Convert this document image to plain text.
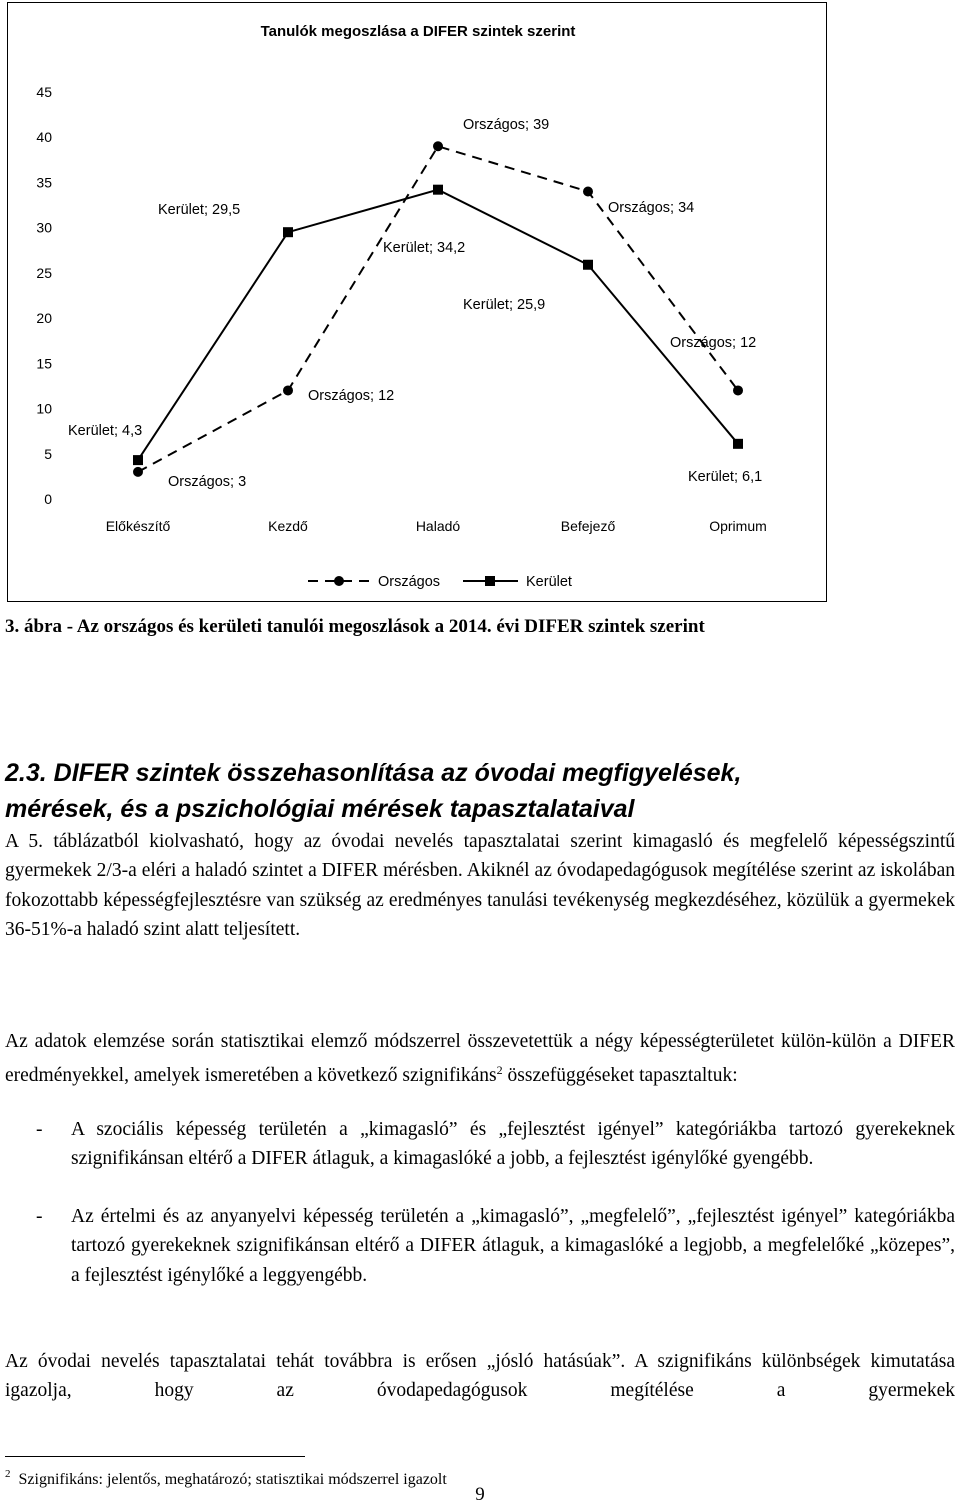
Tanulók megoszlása a DIFER szintek szerint
0
5
10
15
20
25
30
35
40
45
Előkészítő	Kezdő	Haladó	Befejező	Oprimum
Kerület; 4,3
Országos; 3
Kerület; 29,5
Országos; 12
Kerület; 34,2
Országos; 39
Kerület; 25,9
Országos; 34
Kerület; 6,1
Országos; 12
Országos	Kerület
3. ábra - Az országos és kerületi tanulói megoszlások a 2014. évi DIFER szintek szerint
2.3. DIFER szintek összehasonlítása az óvodai megfigyelések,
mérések, és a pszichológiai mérések tapasztalataival

A 5. táblázatból kiolvasható, hogy az óvodai nevelés tapasztalatai szerint kimagasló és megfelelő képességszintű gyermekek 2/3-a eléri a haladó szintet a DIFER mérésben. Akiknél az óvodapedagógusok megítélése szerint az iskolában fokozottabb képességfejlesztésre van szükség az eredményes tanulási tevékenység megkezdéséhez, közülük a gyermekek 36-51%-a haladó szint alatt teljesített.

Az adatok elemzése során statisztikai elemző módszerrel összevetettük a négy képességterületet külön-külön a DIFER eredményekkel, amelyek ismeretében a következő szignifikáns$^2$ összefüggéseket tapasztaltuk:

- A szociális képesség területén a „kimagasló” és „fejlesztést igényel” kategóriákba tartozó gyerekeknek szignifikánsan eltérő a DIFER átlaguk, a kimagaslóké a jobb, a fejlesztést igénylőké gyengébb.

- Az értelmi és az anyanyelvi képesség területén a „kimagasló”, „megfelelő”, „fejlesztést igényel” kategóriákba tartozó gyerekeknek szignifikánsan eltérő a DIFER átlaguk, a kimagaslóké a legjobb, a megfelelőké „közepes”, a fejlesztést igénylőké a leggyengébb.

Az óvodai nevelés tapasztalatai tehát továbbra is erősen „jósló hatásúak”. A szignifikáns különbségek kimutatása igazolja, hogy az óvodapedagógusok megítélése a gyermekek

$^2$ Szignifikáns: jelentős, meghatározó; statisztikai módszerrel igazolt
9
